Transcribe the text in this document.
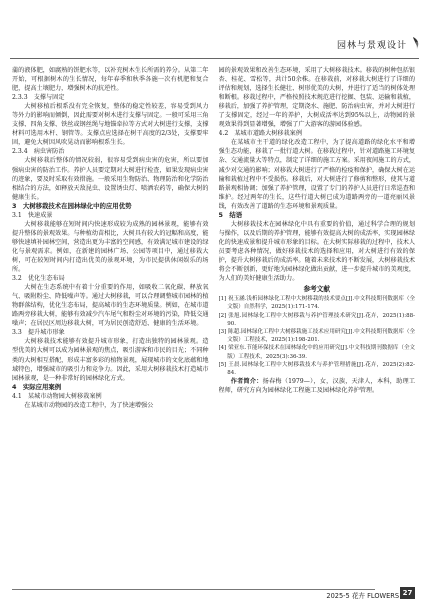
园林与景观设计

蒲的液体肥，如腐熟的饼肥水等，以补充树木生长所需的养分。从第二年开始，可根据树木的生长情况，每年春季和秋季各施一次有机肥和复合肥，提高土壤肥力，增强树木的抗逆性。

2.3.3　支撑与固定

大树移植后根系没有完全恢复，整体的稳定性较差，容易受到风力等外力的影响而倾倒，因此需要对树木进行支撑与固定。一般可采用三角支撑、四角支撑、铁丝或钢丝绳与地锚牵拉等方式对大树进行支撑，支撑材料可选用木杆、钢管等。支撑点应选择在树干高度的2/3处，支撑要牢固，避免大树因风吹晃动而影响根系生长。

2.3.4　病虫害防治

大树移栽后整体的情况较弱，很容易受到病虫害的危害，所以要加强病虫害的防治工作。养护人员要定期对大树进行检查，如果发现病虫害的迹象，要及时采取有效措施。一般采用生物防治、物理防治和化学防治相结合的方法，如释放天敌昆虫、设置诱虫灯、喷洒农药等，确保大树的健康生长。

3　大树移栽技术在园林绿化中的应用优势
3.1　快速成景

大树移栽能够在短时间内快速形成较为成熟的园林景观，能够有效提升整体的景观效果。与种植幼苗相比，大树具有较大的冠幅和高度，能够快速填补园林空间，营造出更为丰富的空间感，有效满足城市建设的绿化与景观需求。例如，在新建的园林广场、公园等项目中，通过移栽大树，可在较短时间内打造出优美的景观环境，为市民提供休闲娱乐的场所。

3.2　优化生态布局

大树在生态系统中有着十分重要的作用，如吸收二氧化碳、释放氧气、吸附粉尘、降低噪声等。通过大树移栽，可以合理调整城市园林的植物群落结构，优化生态布局，提高城市的生态环境质量。例如，在城市道路两旁移栽大树，能够有效减少汽车尾气和粉尘对环境的污染，降低交通噪声；在居民区周边移栽大树，可为居民创造舒适、健康的生活环境。

3.3　提升城市形象

大树移栽技术能够有效提升城市形象，打造出独特的园林景观。造型优美的大树可以成为园林景观的焦点，吸引游客和市民的目光；不同种类的大树相互搭配，形成丰富多彩的植物景观，展现城市的文化底蕴和地域特色，增强城市的吸引力和竞争力。因此，采用大树移栽技术打造城市园林景观，是一种非常好的园林绿化方式。

4　实际应用案例
4.1　某城市动物园大树移栽案例

在某城市动物园的改造工程中，为了快速增强公

园的景观效果和改善生态环境，采用了大树移栽技术。移栽的树种包括银杏、桂花、雪松等，共计50余株。在移栽前，对移栽大树进行了详细的评估和规划，选择生长健壮、树形优美的大树，并进行了适当的树体处理和断根。移栽过程中，严格按照技术规范进行挖掘、包装、运输和栽植，移栽后，加强了养护管理，定期浇水、施肥、防治病虫害，并对大树进行了支撑固定，经过一年的养护，大树成活率达到95%以上，动物园的景观效果得到显著增强，增强了广大游客的游园体验感。

4.2　某城市道路大树移栽案例

在某城市主干道的绿化改造工程中，为了提高道路的绿化水平和增强生态功能，移栽了一批行道大树。在移栽过程中，针对道路施工环境复杂、交通流量大等特点，制定了详细的施工方案。采用夜间施工的方式，减少对交通的影响；对移栽大树进行了严格的检疫和保护，确保大树在运输和栽植过程中不受损伤。移栽后，对大树进行了修剪和整形，使其与道路景观相协调；加强了养护管理，设置了专门的养护人员进行日常巡查和维护。经过两年的生长，这些行道大树已成为道路两旁的一道亮丽风景线，有效改善了道路的生态环境和景观质量。

5　结语

大树移栽技术在园林绿化中具有重要的价值，通过科学合理的规划与操作，以及后期的养护管理，能够有效提高大树的成活率，实现园林绿化的快速成景和提升城市形象的目标。在大树实际移栽的过程中，技术人员要考虑各种情况，做好移栽技术的选择和应用，对大树进行有效的保护，提升大树移栽后的成活率。随着未来技术的不断发展，大树移栽技术将会不断创新，更好地为园林绿化做出贡献，进一步提升城市的美观度，为人们的美好健康生活助力。

参考文献
[1] 祝玉涵.浅析园林绿化工程中大树移栽的技术要点[J].中文科技期刊数据库（全文版）自然科学，2025(1):171-174.
[2] 张旭.园林绿化工程中大树移栽与养护管理技术研究[J].花卉，2025(1):88-90.
[3] 陈超.园林绿化工程中大树移栽施工技术应用研究[J].中文科技期刊数据库（全文版）工程技术，2025(1):198-201.
[4] 梁亚东.节能环保技术在园林绿化中的应用研究[J].中文科技期刊数据库（全文版）工程技术，2025(3):36-39.
[5] 王晨.园林绿化工程中大树移栽技术与养护管理措施[J].花卉，2025(2):82-84.

作者简介：扬春梅（1979—），女，汉族，天津人，本科，助理工程师，研究方向为园林绿化工程施工及园林绿化养护管理。

2025-5 花卉 FLOWERS 27
